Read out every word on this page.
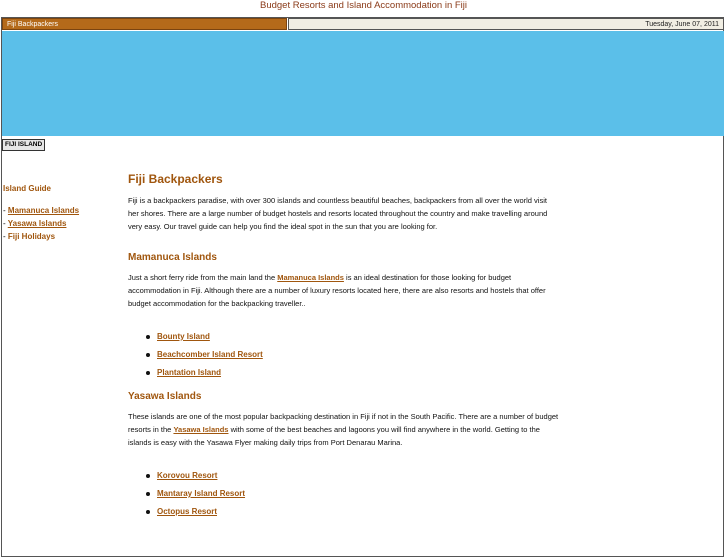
Budget Resorts and Island Accommodation in Fiji
Fiji Backpackers	Tuesday, June 07, 2011
FIJI ISLAND
Island Guide
- Mamanuca Islands
- Yasawa Islands
- Fiji Holidays
Fiji Backpackers

Fiji is a backpackers paradise, with over 300 islands and countless beautiful beaches, backpackers from all over the world visit
her shores. There are a large number of budget hostels and resorts located throughout the country and make travelling around
very easy. Our travel guide can help you find the ideal spot in the sun that you are looking for.

Mamanuca Islands

Just a short ferry ride from the main land the Mamanuca Islands is an ideal destination for those looking for budget
accommodation in Fiji. Although there are a number of luxury resorts located here, there are also resorts and hostels that offer
budget accommodation for the backpacking traveller..

Bounty Island
Beachcomber Island Resort
Plantation Island
Yasawa Islands

These islands are one of the most popular backpacking destination in Fiji if not in the South Pacific. There are a number of budget
resorts in the Yasawa Islands with some of the best beaches and lagoons you will find anywhere in the world. Getting to the
islands is easy with the Yasawa Flyer making daily trips from Port Denarau Marina.

Korovou Resort
Mantaray Island Resort
Octopus Resort
